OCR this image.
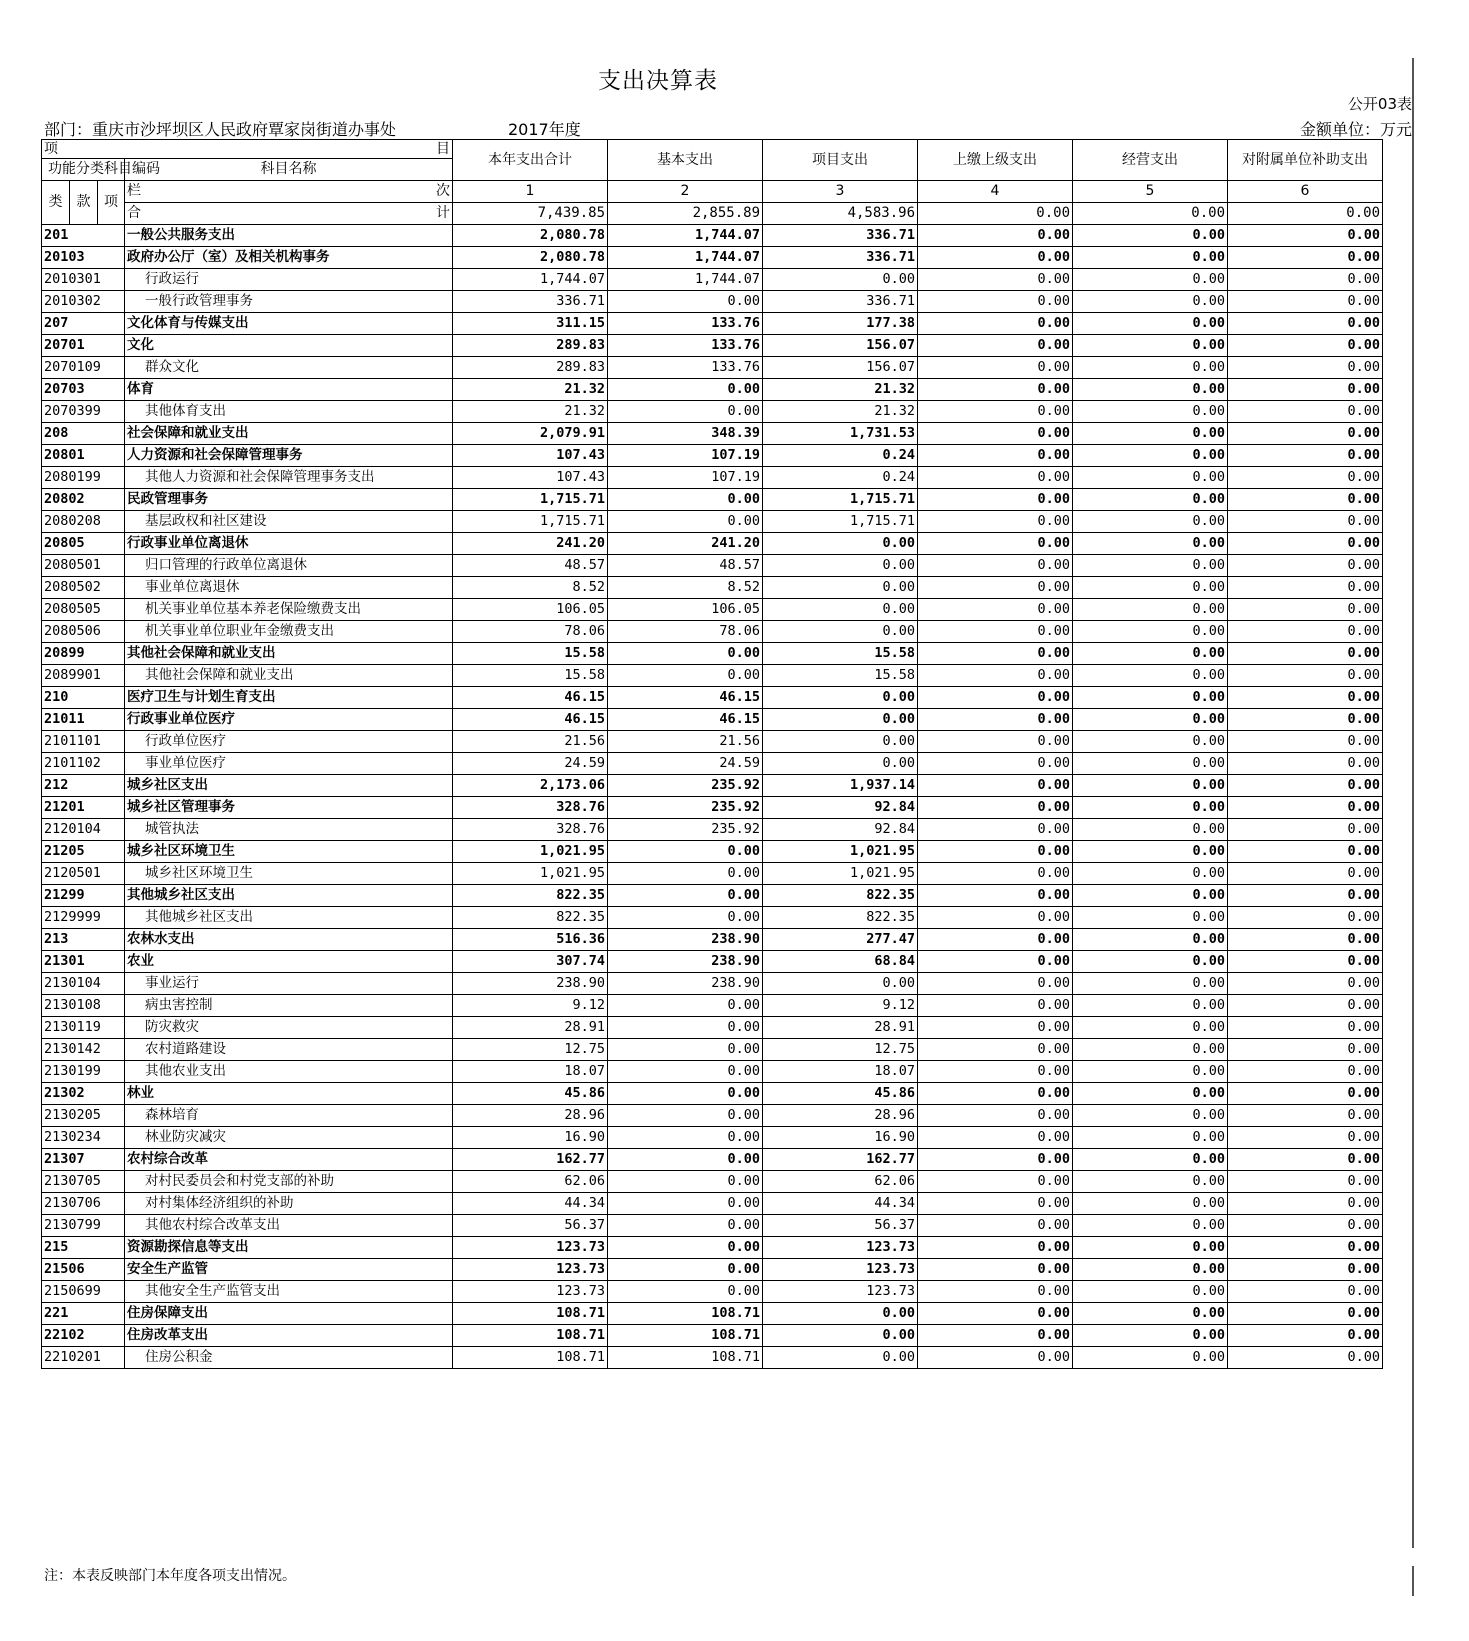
支出决算表
公开03表
部门：重庆市沙坪坝区人民政府覃家岗街道办事处	2017年度	金额单位：万元
项 目				本年支出合计	基本支出	项目支出	上缴上级支出	经营支出	对附属单位补助支出
功能分类科目编码			科目名称						
类	款	项	栏 次	1	2	3	4	5	6

			合 计	7,439.85	2,855.89	4,583.96	0.00	0.00	0.00
201			一般公共服务支出	2,080.78	1,744.07	336.71	0.00	0.00	0.00
20103			政府办公厅（室）及相关机构事务	2,080.78	1,744.07	336.71	0.00	0.00	0.00
2010301			行政运行	1,744.07	1,744.07	0.00	0.00	0.00	0.00
2010302			一般行政管理事务	336.71	0.00	336.71	0.00	0.00	0.00
207			文化体育与传媒支出	311.15	133.76	177.38	0.00	0.00	0.00
20701			文化	289.83	133.76	156.07	0.00	0.00	0.00
2070109			群众文化	289.83	133.76	156.07	0.00	0.00	0.00
20703			体育	21.32	0.00	21.32	0.00	0.00	0.00
2070399			其他体育支出	21.32	0.00	21.32	0.00	0.00	0.00
208			社会保障和就业支出	2,079.91	348.39	1,731.53	0.00	0.00	0.00
20801			人力资源和社会保障管理事务	107.43	107.19	0.24	0.00	0.00	0.00
2080199			其他人力资源和社会保障管理事务支出	107.43	107.19	0.24	0.00	0.00	0.00
20802			民政管理事务	1,715.71	0.00	1,715.71	0.00	0.00	0.00
2080208			基层政权和社区建设	1,715.71	0.00	1,715.71	0.00	0.00	0.00
20805			行政事业单位离退休	241.20	241.20	0.00	0.00	0.00	0.00
2080501			归口管理的行政单位离退休	48.57	48.57	0.00	0.00	0.00	0.00
2080502			事业单位离退休	8.52	8.52	0.00	0.00	0.00	0.00
2080505			机关事业单位基本养老保险缴费支出	106.05	106.05	0.00	0.00	0.00	0.00
2080506			机关事业单位职业年金缴费支出	78.06	78.06	0.00	0.00	0.00	0.00
20899			其他社会保障和就业支出	15.58	0.00	15.58	0.00	0.00	0.00
2089901			其他社会保障和就业支出	15.58	0.00	15.58	0.00	0.00	0.00
210			医疗卫生与计划生育支出	46.15	46.15	0.00	0.00	0.00	0.00
21011			行政事业单位医疗	46.15	46.15	0.00	0.00	0.00	0.00
2101101			行政单位医疗	21.56	21.56	0.00	0.00	0.00	0.00
2101102			事业单位医疗	24.59	24.59	0.00	0.00	0.00	0.00
212			城乡社区支出	2,173.06	235.92	1,937.14	0.00	0.00	0.00
21201			城乡社区管理事务	328.76	235.92	92.84	0.00	0.00	0.00
2120104			城管执法	328.76	235.92	92.84	0.00	0.00	0.00
21205			城乡社区环境卫生	1,021.95	0.00	1,021.95	0.00	0.00	0.00
2120501			城乡社区环境卫生	1,021.95	0.00	1,021.95	0.00	0.00	0.00
21299			其他城乡社区支出	822.35	0.00	822.35	0.00	0.00	0.00
2129999			其他城乡社区支出	822.35	0.00	822.35	0.00	0.00	0.00
213			农林水支出	516.36	238.90	277.47	0.00	0.00	0.00
21301			农业	307.74	238.90	68.84	0.00	0.00	0.00
2130104			事业运行	238.90	238.90	0.00	0.00	0.00	0.00
2130108			病虫害控制	9.12	0.00	9.12	0.00	0.00	0.00
2130119			防灾救灾	28.91	0.00	28.91	0.00	0.00	0.00
2130142			农村道路建设	12.75	0.00	12.75	0.00	0.00	0.00
2130199			其他农业支出	18.07	0.00	18.07	0.00	0.00	0.00
21302			林业	45.86	0.00	45.86	0.00	0.00	0.00
2130205			森林培育	28.96	0.00	28.96	0.00	0.00	0.00
2130234			林业防灾减灾	16.90	0.00	16.90	0.00	0.00	0.00
21307			农村综合改革	162.77	0.00	162.77	0.00	0.00	0.00
2130705			对村民委员会和村党支部的补助	62.06	0.00	62.06	0.00	0.00	0.00
2130706			对村集体经济组织的补助	44.34	0.00	44.34	0.00	0.00	0.00
2130799			其他农村综合改革支出	56.37	0.00	56.37	0.00	0.00	0.00
215			资源勘探信息等支出	123.73	0.00	123.73	0.00	0.00	0.00
21506			安全生产监管	123.73	0.00	123.73	0.00	0.00	0.00
2150699			其他安全生产监管支出	123.73	0.00	123.73	0.00	0.00	0.00
221			住房保障支出	108.71	108.71	0.00	0.00	0.00	0.00
22102			住房改革支出	108.71	108.71	0.00	0.00	0.00	0.00
2210201			住房公积金	108.71	108.71	0.00	0.00	0.00	0.00
注：本表反映部门本年度各项支出情况。
